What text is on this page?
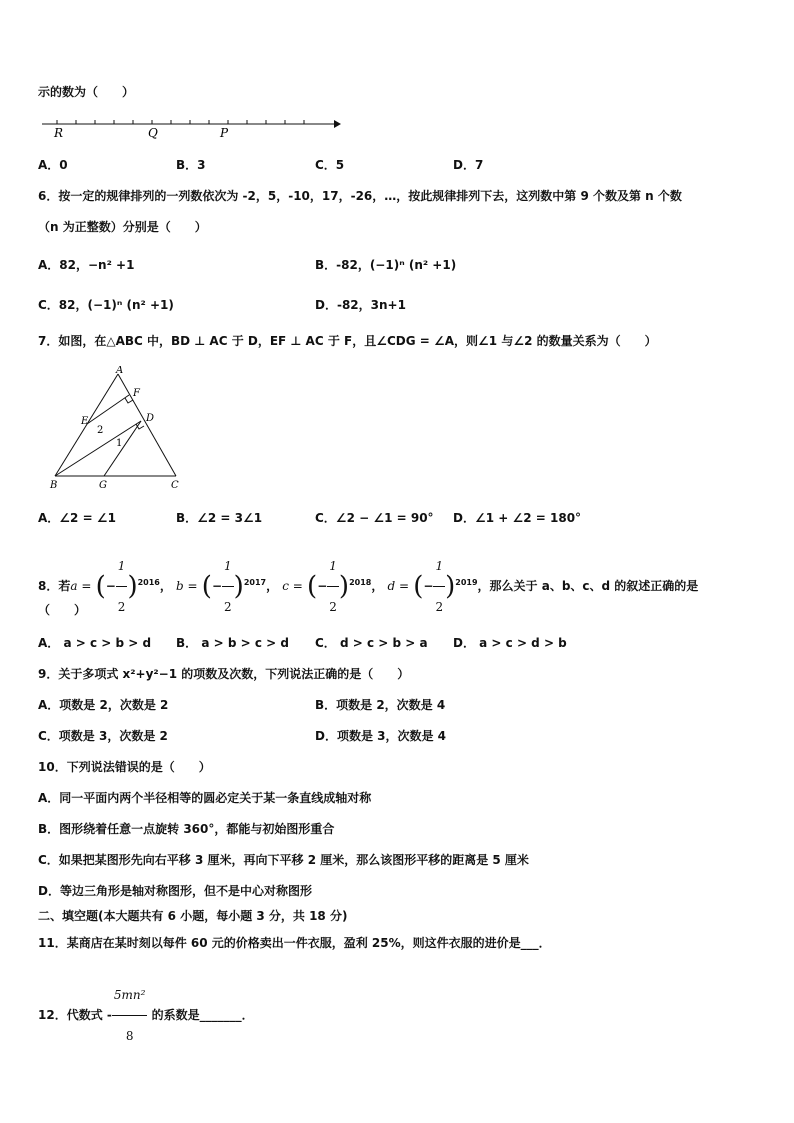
示的数为（　　）
R	Q	P
A．0	B．3	C．5	D．7
6．按一定的规律排列的一列数依次为 -2，5，-10，17，-26，…，按此规律排列下去，这列数中第 9 个数及第 n 个数
（n 为正整数）分别是（　　）
A．82，−n² +1	B．-82，(−1)ⁿ (n² +1)
C．82，(−1)ⁿ (n² +1)	D．-82，3n+1
7．如图，在△ABC 中，BD ⊥ AC 于 D，EF ⊥ AC 于 F，且∠CDG = ∠A，则∠1 与∠2 的数量关系为（　　）
A
F
E	D
2
1
B	G	C
A．∠2 = ∠1	B．∠2 = 3∠1	C．∠2 − ∠1 = 90° D．∠1 + ∠2 = 180°
8．若a = (− $\frac{1}{2} )^{2016}$， b = (− $\frac{1}{2} )^{2017}$， c = (− $\frac{1}{2} )^{2018}$， d = (− $\frac{1}{2} )^{2019}$，那么关于 a、b、c、d 的叙述正确的是
（　　）
A． a > c > b > d B． a > b > c > d C． d > c > b > a D． a > c > d > b
9．关于多项式 x²+y²−1 的项数及次数，下列说法正确的是（　　）
A．项数是 2，次数是 2	B．项数是 2，次数是 4
C．项数是 3，次数是 2	D．项数是 3，次数是 4
10．下列说法错误的是（　　）
A．同一平面内两个半径相等的圆必定关于某一条直线成轴对称
B．图形绕着任意一点旋转 360°，都能与初始图形重合
C．如果把某图形先向右平移 3 厘米，再向下平移 2 厘米，那么该图形平移的距离是 5 厘米
D．等边三角形是轴对称图形，但不是中心对称图形
二、填空题(本大题共有 6 小题，每小题 3 分，共 18 分)
11．某商店在某时刻以每件 60 元的价格卖出一件衣服，盈利 25%，则这件衣服的进价是___．
12．代数式 - $\frac{\text{5mn²}}{8}$ 的系数是_______．
